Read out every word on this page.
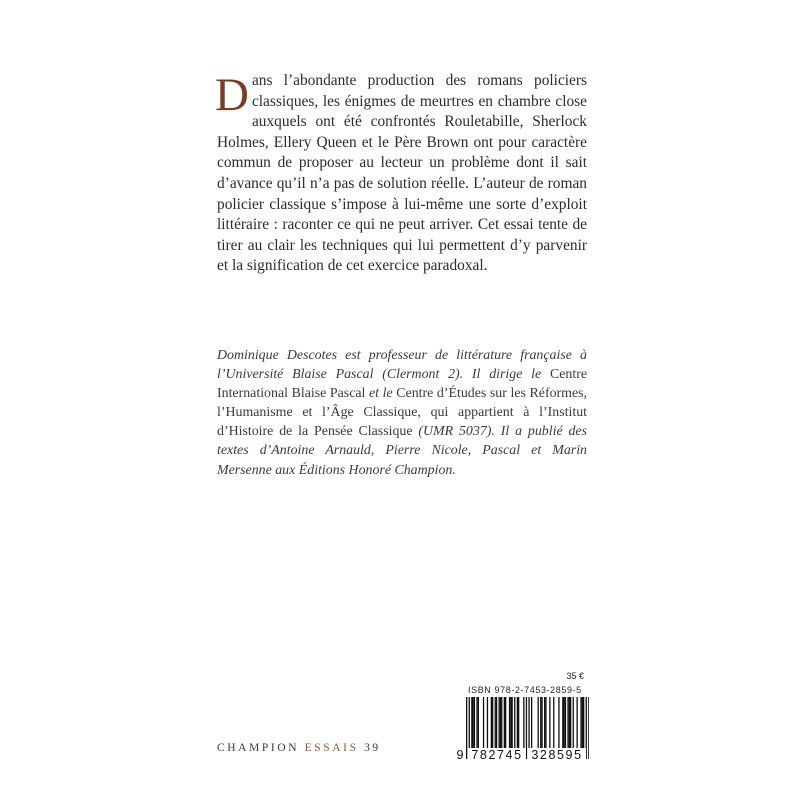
Dans l’abondante production des romans policiers classiques, les énigmes de meurtres en chambre close auxquels ont été confrontés Rouletabille, Sherlock Holmes, Ellery Queen et le Père Brown ont pour caractère commun de proposer au lecteur un problème dont il sait d’avance qu’il n’a pas de solution réelle. L’auteur de roman policier classique s’impose à lui-même une sorte d’exploit littéraire : raconter ce qui ne peut arriver. Cet essai tente de tirer au clair les techniques qui lui permettent d’y parvenir et la signification de cet exercice paradoxal.
Dominique Descotes est professeur de littérature française à l’Université Blaise Pascal (Clermont 2). Il dirige le Centre International Blaise Pascal et le Centre d’Études sur les Réformes, l’Humanisme et l’Âge Classique, qui appartient à l’Institut d’Histoire de la Pensée Classique (UMR 5037). Il a publié des textes d’Antoine Arnauld, Pierre Nicole, Pascal et Marin Mersenne aux Éditions Honoré Champion.
CHAMPION ESSAIS 39
35 €
ISBN 978-2-7453-2859-5
9 782745 328595
